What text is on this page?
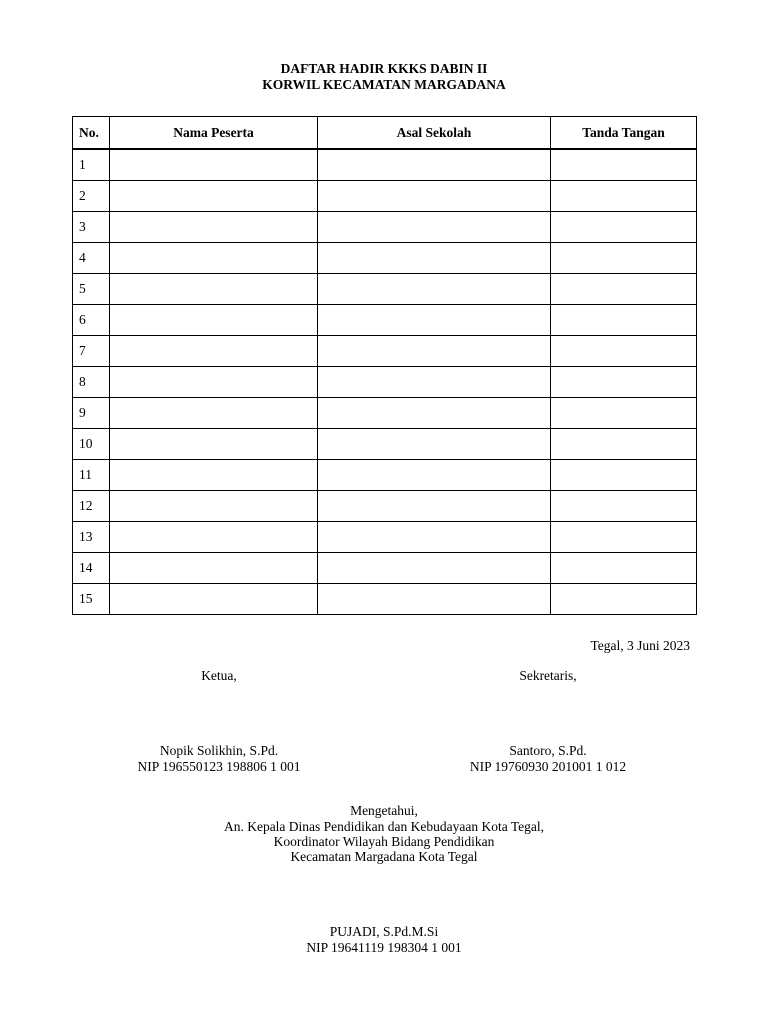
DAFTAR HADIR KKKS DABIN II
KORWIL KECAMATAN MARGADANA
No.	Nama Peserta	Asal Sekolah	Tanda Tangan
1			
2			
3			
4			
5			
6			
7			
8			
9			
10			
11			
12			
13			
14			
15			
Tegal, 3 Juni 2023
Ketua,	Sekretaris,
Nopik Solikhin, S.Pd.
NIP 196550123 198806 1 001
Santoro, S.Pd.
NIP 19760930 201001 1 012
Mengetahui,
An. Kepala Dinas Pendidikan dan Kebudayaan Kota Tegal,
Koordinator Wilayah Bidang Pendidikan
Kecamatan Margadana Kota Tegal
PUJADI, S.Pd.M.Si
NIP 19641119 198304 1 001
